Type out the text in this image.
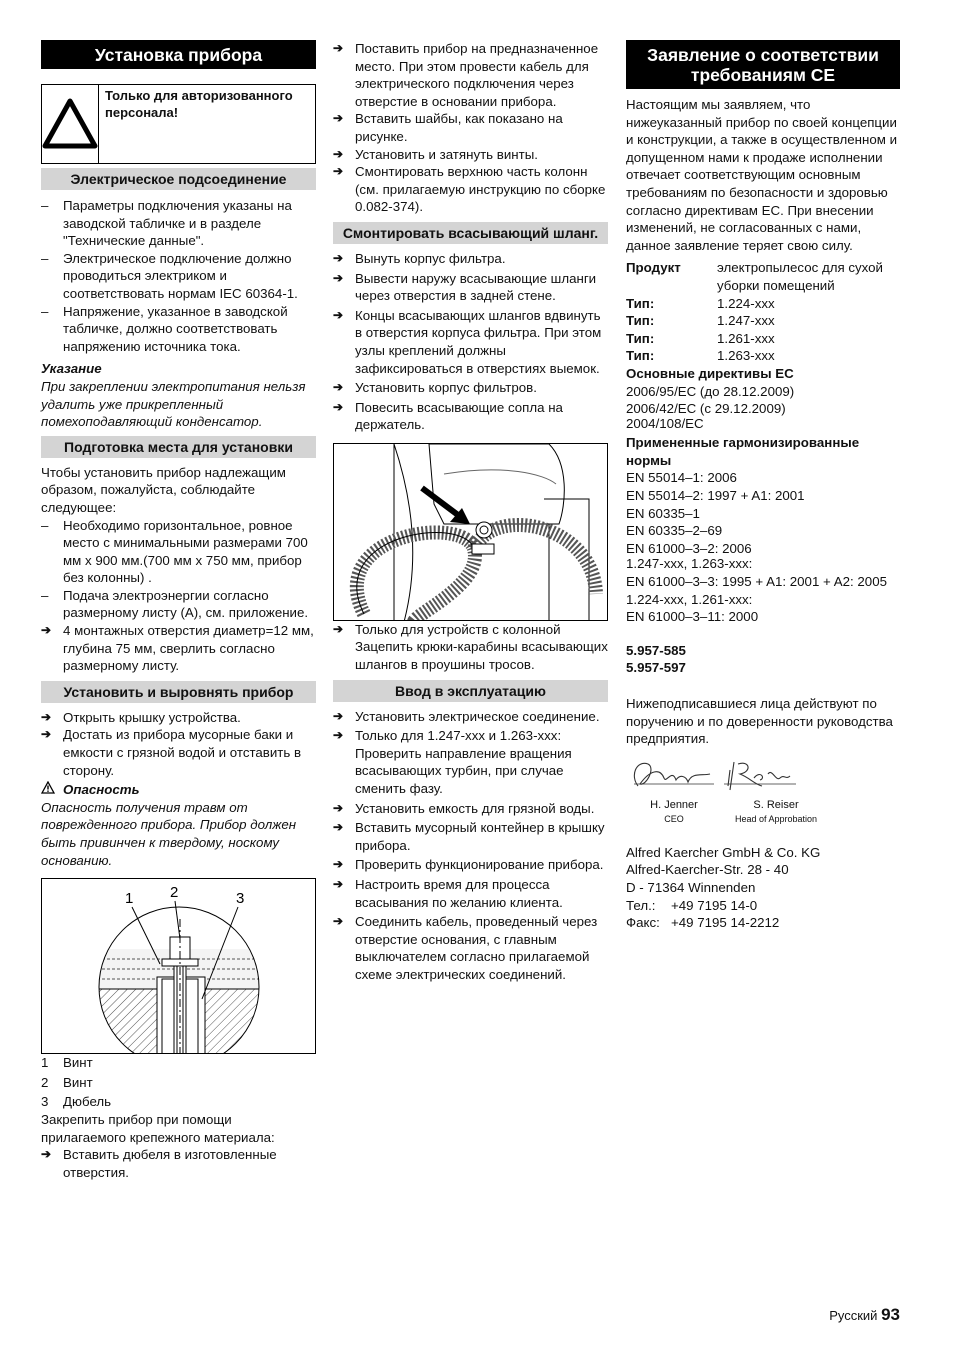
Установка прибора
Только для авторизованного персонала!
Электрическое подсоединение
–	Параметры подключения указаны на заводской табличке и в разделе "Технические данные".
–	Электрическое подключение должно проводиться электриком и соответствовать нормам IEC 60364-1.
–	Напряжение, указанное в заводской табличке, должно соответствовать напряжению источника тока.

Указание

При закреплении электропитания нельзя удалить уже прикрепленный помехоподавляющий конденсатор.

Подготовка места для установки

Чтобы установить прибор надлежащим образом, пожалуйста, соблюдайте следующее:

–	Необходимо горизонтальное, ровное место с минимальными размерами 700 мм х 900 мм.(700 мм х 750 мм, прибор без колонны) .
–	Подача электроэнергии согласно размерному листу (А), см. приложение.
➔ 4 монтажных отверстия диаметр=12 мм, глубина 75 мм, сверлить согласно размерному листу.
Установить и выровнять прибор
➔ Открыть крышку устройства.
➔ Достать из прибора мусорные баки и емкости с грязной водой и отставить в сторону.
Опасность

Опасность получения травм от поврежденного прибора. Прибор должен быть привинчен к твердому, носкому основанию.

1 2	3
1	Винт
2	Винт
3	Дюбель

Закрепить прибор при помощи прилагаемого крепежного материала:

➔ Вставить дюбеля в изготовленные отверстия.
➔ Поставить прибор на предназначенное место. При этом провести кабель для электрического подключения через отверстие в основании прибора.
➔ Вставить шайбы, как показано на рисунке.
➔ Установить и затянуть винты.
➔ Смонтировать верхнюю часть колонн (см. прилагаемую инструкцию по сборке 0.082-374).
Смонтировать всасывающий шланг.
➔ Вынуть корпус фильтра.
➔ Вывести наружу всасывающие шланги через отверстия в задней стене.
➔ Концы всасывающих шлангов вдвинуть в отверстия корпуса фильтра. При этом узлы креплений должны зафиксироваться в отверстиях выемок.
➔ Установить корпус фильтров.
➔ Повесить всасывающие сопла на держатель.
➔ Только для устройств с колонной Зацепить крюки-карабины всасывающих шлангов в проушины тросов.
Ввод в эксплуатацию
➔ Установить электрическое соединение.
➔ Только для 1.247-ххх и 1.263-ххх: Проверить направление вращения всасывающих турбин, при случае сменить фазу.
➔ Установить емкость для грязной воды.
➔ Вставить мусорный контейнер в крышку прибора.
➔ Проверить функционирование прибора.
➔ Настроить время для процесса всасывания по желанию клиента.
➔ Соединить кабель, проведенный через отверстие основания, с главным выключателем согласно прилагаемой схеме электрических соединений.
Заявление о соответствии требованиям CE

Настоящим мы заявляем, что нижеуказанный прибор по своей концепции и конструкции, а также в осуществленном и допущенном нами к продаже исполнении отвечает соответствующим основным требованиям по безопасности и здоровью согласно директивам ЕС. При внесении изменений, не согласованных с нами, данное заявление теряет свою силу.

Продукт	электропылесос для сухой уборки помещений
Тип:	1.224-ххх
Тип:	1.247-ххх
Тип:	1.261-ххх
Тип:	1.263-ххх

Основные директивы ЕС

2006/95/EC (до 28.12.2009)

2006/42/EC (с 29.12.2009)

2004/108/EC

Примененные гармонизированные нормы

EN 55014–1: 2006

EN 55014–2: 1997 + A1: 2001

EN 60335–1

EN 60335–2–69

EN 61000–3–2: 2006

1.247-ххх, 1.263-ххх:

EN 61000–3–3: 1995 + A1: 2001 + A2: 2005

1.224-ххх, 1.261-ххх:

EN 61000–3–11: 2000

5.957-585

5.957-597

Нижеподписавшиеся лица действуют по поручению и по доверенности руководства предприятия.

H. Jenner
CEO
S. Reiser
Head of Approbation

Alfred Kaercher GmbH & Co. KG

Alfred-Kaercher-Str. 28 - 40

D - 71364 Winnenden

Тел.: +49 7195 14-0

Факс: +49 7195 14-2212

Русский 93
